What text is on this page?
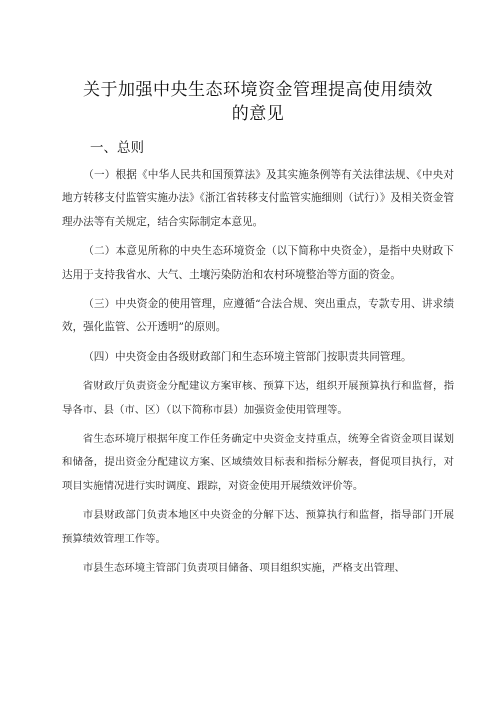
关于加强中央生态环境资金管理提高使用绩效
的意见
一、总则

（一）根据《中华人民共和国预算法》及其实施条例等有关法律法规、《中央对地方转移支付监管实施办法》《浙江省转移支付监管实施细则（试行）》及相关资金管理办法等有关规定，结合实际制定本意见。

（二）本意见所称的中央生态环境资金（以下简称中央资金），是指中央财政下达用于支持我省水、大气、土壤污染防治和农村环境整治等方面的资金。

（三）中央资金的使用管理，应遵循“合法合规、突出重点，专款专用、讲求绩效，强化监管、公开透明”的原则。

（四）中央资金由各级财政部门和生态环境主管部门按职责共同管理。

省财政厅负责资金分配建议方案审核、预算下达，组织开展预算执行和监督，指导各市、县（市、区）（以下简称市县）加强资金使用管理等。

省生态环境厅根据年度工作任务确定中央资金支持重点，统筹全省资金项目谋划和储备，提出资金分配建议方案、区域绩效目标表和指标分解表，督促项目执行，对项目实施情况进行实时调度、跟踪，对资金使用开展绩效评价等。

市县财政部门负责本地区中央资金的分解下达、预算执行和监督，指导部门开展预算绩效管理工作等。

市县生态环境主管部门负责项目储备、项目组织实施，严格支出管理、
